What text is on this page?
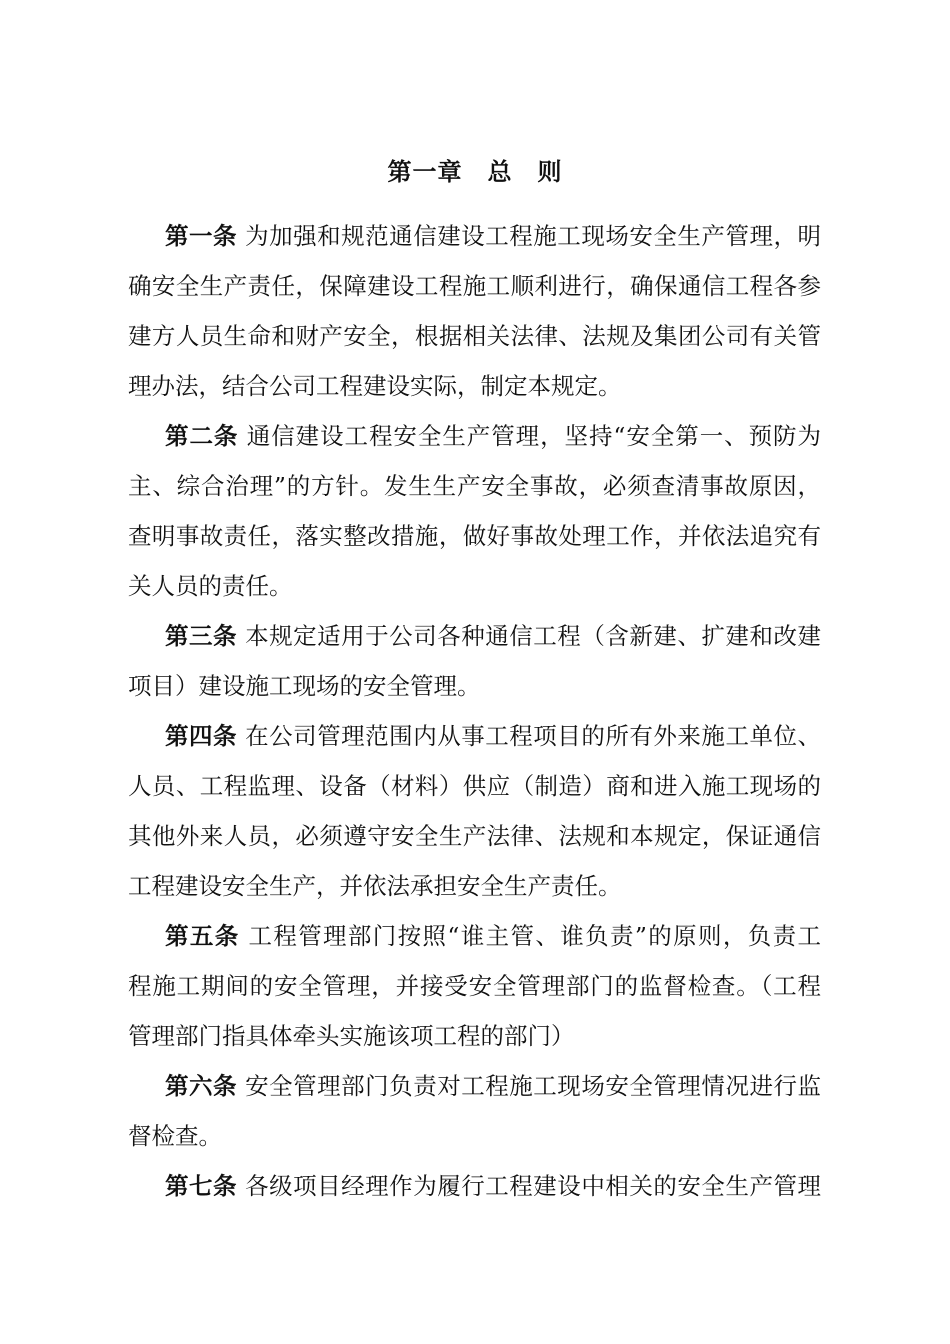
第一章　总　则
第一条 为加强和规范通信建设工程施工现场安全生产管理，明
确安全生产责任，保障建设工程施工顺利进行，确保通信工程各参
建方人员生命和财产安全，根据相关法律、法规及集团公司有关管
理办法，结合公司工程建设实际，制定本规定。
第二条 通信建设工程安全生产管理，坚持“安全第一、预防为
主、综合治理”的方针。发生生产安全事故，必须查清事故原因，
查明事故责任，落实整改措施，做好事故处理工作，并依法追究有
关人员的责任。
第三条 本规定适用于公司各种通信工程（含新建、扩建和改建
项目）建设施工现场的安全管理。
第四条 在公司管理范围内从事工程项目的所有外来施工单位、
人员、工程监理、设备（材料）供应（制造）商和进入施工现场的
其他外来人员，必须遵守安全生产法律、法规和本规定，保证通信
工程建设安全生产，并依法承担安全生产责任。
第五条 工程管理部门按照“谁主管、谁负责”的原则，负责工
程施工期间的安全管理，并接受安全管理部门的监督检查。（工程
管理部门指具体牵头实施该项工程的部门）
第六条 安全管理部门负责对工程施工现场安全管理情况进行监
督检查。
第七条 各级项目经理作为履行工程建设中相关的安全生产管理
